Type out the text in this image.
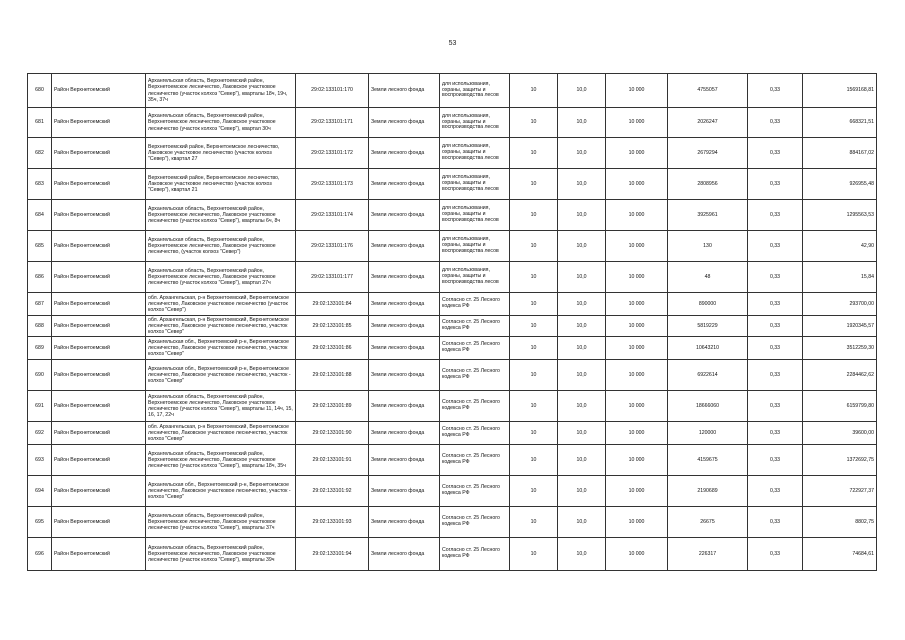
53
680	Район Верхнетоемский	Архангельская область, Верхнетоемский район, Верхнетоемское лесничество, Лаковское участковое лесничество (участок колхоз "Север"), кварталы 18ч, 19ч, 35ч, 37ч	29:02:133101:170	Земли лесного фонда	для использования, охраны, защиты и воспроизводства лесов	10	10,0	10 000	4755057	0,33	1569168,81
681	Район Верхнетоемский	Архангельская область, Верхнетоемский район, Верхнетоемское лесничество, Лаковское участковое лесничество (участок колхоз "Север"), квартал 30ч	29:02:133101:171	Земли лесного фонда	для использования, охраны, защиты и воспроизводства лесов	10	10,0	10 000	2026247	0,33	668321,51
682	Район Верхнетоемский	Верхнетоемский район, Верхнетоемское лесничество, Лаковское участковое лесничество (участок колхоз "Север"), квартал 27	29:02:133101:172	Земли лесного фонда	для использования, охраны, защиты и воспроизводства лесов	10	10,0	10 000	2679294	0,33	884167,02
683	Район Верхнетоемский	Верхнетоемский район, Верхнетоемское лесничество, Лаковское участковое лесничество (участок колхоз "Север"), квартал 21	29:02:133101:173	Земли лесного фонда	для использования, охраны, защиты и воспроизводства лесов	10	10,0	10 000	2808956	0,33	926955,48
684	Район Верхнетоемский	Архангельская область, Верхнетоемский район, Верхнетоемское лесничество, Лаковское участковое лесничество (участок колхоз "Север"), кварталы 6ч, 8ч	29:02:133101:174	Земли лесного фонда	для использования, охраны, защиты и воспроизводства лесов	10	10,0	10 000	3925961	0,33	1295563,53
685	Район Верхнетоемский	Архангельская область, Верхнетоемский район, Верхнетоемское лесничество, Лаковское участковое лесничество, (участок колхоз "Север")	29:02:133101:176	Земли лесного фонда	для использования, охраны, защиты и воспроизводства лесов	10	10,0	10 000	130	0,33	42,90
686	Район Верхнетоемский	Архангельская область, Верхнетоемский район, Верхнетоемское лесничество, Лаковское участковое лесничество (участок колхоз "Север"), квартал 27ч	29:02:133101:177	Земли лесного фонда	для использования, охраны, защиты и воспроизводства лесов	10	10,0	10 000	48	0,33	15,84
687	Район Верхнетоемский	обл. Архангельская, р-н Верхнетоемский, Верхнетоемское лесничество, Лаковское участковое лесничество (участок колхоз "Север")	29:02:133101:84	Земли лесного фонда	Согласно ст. 25 Лесного кодекса РФ	10	10,0	10 000	890000	0,33	293700,00
688	Район Верхнетоемский	обл. Архангельская, р-н Верхнетоемский, Верхнетоемское лесничество, Лаковское участковое лесничество, участок колхоз "Север"	29:02:133101:85	Земли лесного фонда	Согласно ст. 25 Лесного кодекса РФ	10	10,0	10 000	5819229	0,33	1920345,57
689	Район Верхнетоемский	Архангельская обл., Верхнетоемский р-н, Верхнетоемское лесничество, Лаковское участковое лесничество, участок колхоз "Север"	29:02:133101:86	Земли лесного фонда	Согласно ст. 25 Лесного кодекса РФ	10	10,0	10 000	10643210	0,33	3512259,30
690	Район Верхнетоемский	Архангельская обл., Верхнетоемский р-н, Верхнетоемское лесничество, Лаковское участковое лесничество, участок - колхоз "Север"	29:02:133101:88	Земли лесного фонда	Согласно ст. 25 Лесного кодекса РФ	10	10,0	10 000	6922614	0,33	2284462,62
691	Район Верхнетоемский	Архангельская область, Верхнетоемский район, Верхнетоемское лесничество, Лаковское участковое лесничество (участок колхоз "Север"), кварталы 11, 14ч, 15, 16, 17, 22ч	29:02:133101:89	Земли лесного фонда	Согласно ст. 25 Лесного кодекса РФ	10	10,0	10 000	18666060	0,33	6159799,80
692	Район Верхнетоемский	обл. Архангельская, р-н Верхнетоемский, Верхнетоемское лесничество, Лаковское участковое лесничество, участок колхоз "Север"	29:02:133101:90	Земли лесного фонда	Согласно ст. 25 Лесного кодекса РФ	10	10,0	10 000	120000	0,33	39600,00
693	Район Верхнетоемский	Архангельская область, Верхнетоемский район, Верхнетоемское лесничество, Лаковское участковое лесничество (участок колхоз "Север"), кварталы 18ч, 35ч	29:02:133101:91	Земли лесного фонда	Согласно ст. 25 Лесного кодекса РФ	10	10,0	10 000	4159675	0,33	1372692,75
694	Район Верхнетоемский	Архангельская обл., Верхнетоемский р-н, Верхнетоемское лесничество, Лаковское участковое лесничество, участок - колхоз "Север"	29:02:133101:92	Земли лесного фонда	Согласно ст. 25 Лесного кодекса РФ	10	10,0	10 000	2190689	0,33	722927,37
695	Район Верхнетоемский	Архангельская область, Верхнетоемский район, Верхнетоемское лесничество, Лаковское участковое лесничество (участок колхоз "Север"), кварталы 37ч	29:02:133101:93	Земли лесного фонда	Согласно ст. 25 Лесного кодекса РФ	10	10,0	10 000	26675	0,33	8802,75
696	Район Верхнетоемский	Архангельская область, Верхнетоемский район, Верхнетоемское лесничество, Лаковское участковое лесничество (участок колхоз "Север"), кварталы 39ч	29:02:133101:94	Земли лесного фонда	Согласно ст. 25 Лесного кодекса РФ	10	10,0	10 000	226317	0,33	74684,61
